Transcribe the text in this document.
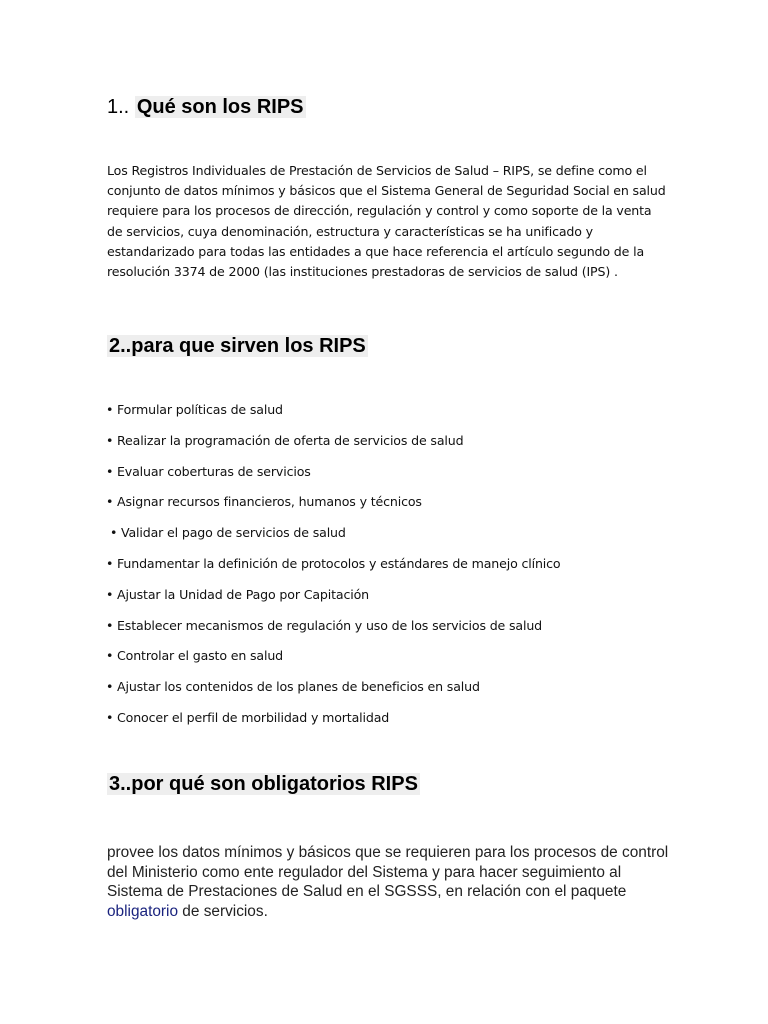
1.. Qué son los RIPS

Los Registros Individuales de Prestación de Servicios de Salud – RIPS, se define como el conjunto de datos mínimos y básicos que el Sistema General de Seguridad Social en salud requiere para los procesos de dirección, regulación y control y como soporte de la venta de servicios, cuya denominación, estructura y características se ha unificado y estandarizado para todas las entidades a que hace referencia el artículo segundo de la resolución 3374 de 2000 (las instituciones prestadoras de servicios de salud (IPS) .

2..para que sirven los RIPS
• Formular políticas de salud
• Realizar la programación de oferta de servicios de salud
• Evaluar coberturas de servicios
• Asignar recursos financieros, humanos y técnicos
• Validar el pago de servicios de salud
• Fundamentar la definición de protocolos y estándares de manejo clínico
• Ajustar la Unidad de Pago por Capitación
• Establecer mecanismos de regulación y uso de los servicios de salud
• Controlar el gasto en salud
• Ajustar los contenidos de los planes de beneficios en salud
• Conocer el perfil de morbilidad y mortalidad
3..por qué son obligatorios RIPS

provee los datos mínimos y básicos que se requieren para los procesos de control del Ministerio como ente regulador del Sistema y para hacer seguimiento al Sistema de Prestaciones de Salud en el SGSSS, en relación con el paquete obligatorio de servicios.
